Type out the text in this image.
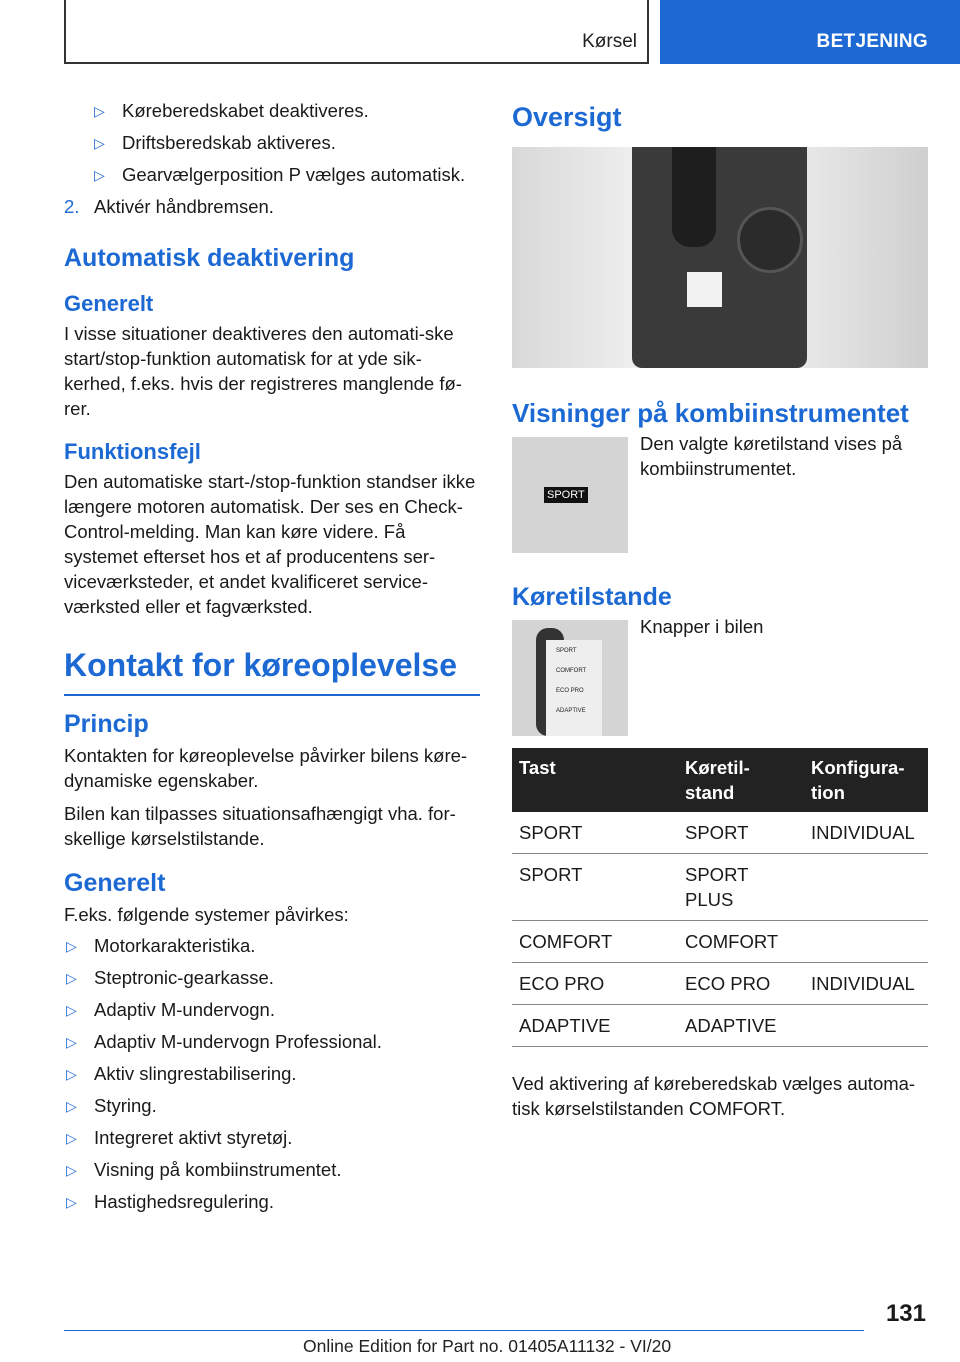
Kørsel	BETJENING
▷ Køreberedskabet deaktiveres.
▷ Driftsberedskab aktiveres.
▷ Gearvælgerposition P vælges automatisk.
2. Aktivér håndbremsen.
Automatisk deaktivering
Generelt

I visse situationer deaktiveres den automati‐ske start/stop-funktion automatisk for at yde sik‐kerhed, f.eks. hvis der registreres manglende fø‐rer.

Funktionsfejl

Den automatiske start-/stop-funktion standser ikke længere motoren automatisk. Der ses en Check-Control-melding. Man kan køre videre. Få systemet efterset hos et af producentens ser‐viceværksteder, et andet kvalificeret service‐værksted eller et fagværksted.

Kontakt for køreoplevelse
Princip

Kontakten for køreoplevelse påvirker bilens køre‐dynamiske egenskaber.

Bilen kan tilpasses situationsafhængigt vha. for‐skellige kørselstilstande.

Generelt

F.eks. følgende systemer påvirkes:

▷ Motorkarakteristika.
▷ Steptronic-gearkasse.
▷ Adaptiv M-undervogn.
▷ Adaptiv M-undervogn Professional.
▷ Aktiv slingrestabilisering.
▷ Styring.
▷ Integreret aktivt styretøj.
▷ Visning på kombiinstrumentet.
▷ Hastighedsregulering.
Oversigt
Visninger på kombiinstrumentet
SPORT
Den valgte køretilstand vises på kombiinstrumentet.
Køretilstande
SPORT
COMFORT
ECO PRO
ADAPTIVE
Knapper i bilen
Tast	Køretil‐stand	Konfigura‐tion
SPORT	SPORT	INDIVIDUAL
SPORT	SPORT PLUS	
COMFORT	COMFORT	
ECO PRO	ECO PRO	INDIVIDUAL
ADAPTIVE	ADAPTIVE	

Ved aktivering af køreberedskab vælges automa‐tisk kørselstilstanden COMFORT.

131
Online Edition for Part no. 01405A11132 - VI/20
